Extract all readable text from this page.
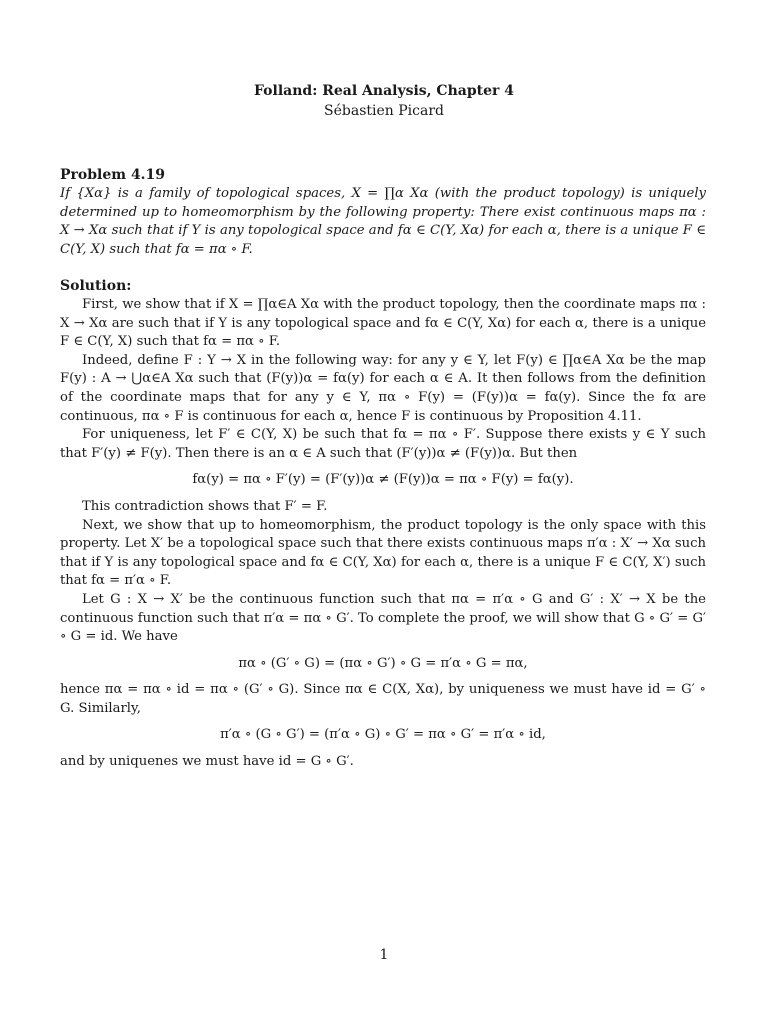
Folland: Real Analysis, Chapter 4
Sébastien Picard
Problem 4.19

If {Xα} is a family of topological spaces, X = ∏α Xα (with the product topology) is uniquely determined up to homeomorphism by the following property: There exist continuous maps πα : X → Xα such that if Y is any topological space and fα ∈ C(Y, Xα) for each α, there is a unique F ∈ C(Y, X) such that fα = πα ∘ F.

Solution:

First, we show that if X = ∏α∈A Xα with the product topology, then the coordinate maps πα : X → Xα are such that if Y is any topological space and fα ∈ C(Y, Xα) for each α, there is a unique F ∈ C(Y, X) such that fα = πα ∘ F.

Indeed, define F : Y → X in the following way: for any y ∈ Y, let F(y) ∈ ∏α∈A Xα be the map F(y) : A → ⋃α∈A Xα such that (F(y))α = fα(y) for each α ∈ A. It then follows from the definition of the coordinate maps that for any y ∈ Y, πα ∘ F(y) = (F(y))α = fα(y). Since the fα are continuous, πα ∘ F is continuous for each α, hence F is continuous by Proposition 4.11.

For uniqueness, let F′ ∈ C(Y, X) be such that fα = πα ∘ F′. Suppose there exists y ∈ Y such that F′(y) ≠ F(y). Then there is an α ∈ A such that (F′(y))α ≠ (F(y))α. But then

fα(y) = πα ∘ F′(y) = (F′(y))α ≠ (F(y))α = πα ∘ F(y) = fα(y).

This contradiction shows that F′ = F.

Next, we show that up to homeomorphism, the product topology is the only space with this property. Let X′ be a topological space such that there exists continuous maps π′α : X′ → Xα such that if Y is any topological space and fα ∈ C(Y, Xα) for each α, there is a unique F ∈ C(Y, X′) such that fα = π′α ∘ F.

Let G : X → X′ be the continuous function such that πα = π′α ∘ G and G′ : X′ → X be the continuous function such that π′α = πα ∘ G′. To complete the proof, we will show that G ∘ G′ = G′ ∘ G = id. We have

πα ∘ (G′ ∘ G) = (πα ∘ G′) ∘ G = π′α ∘ G = πα,

hence πα = πα ∘ id = πα ∘ (G′ ∘ G). Since πα ∈ C(X, Xα), by uniqueness we must have id = G′ ∘ G. Similarly,

π′α ∘ (G ∘ G′) = (π′α ∘ G) ∘ G′ = πα ∘ G′ = π′α ∘ id,

and by uniquenes we must have id = G ∘ G′.

1
